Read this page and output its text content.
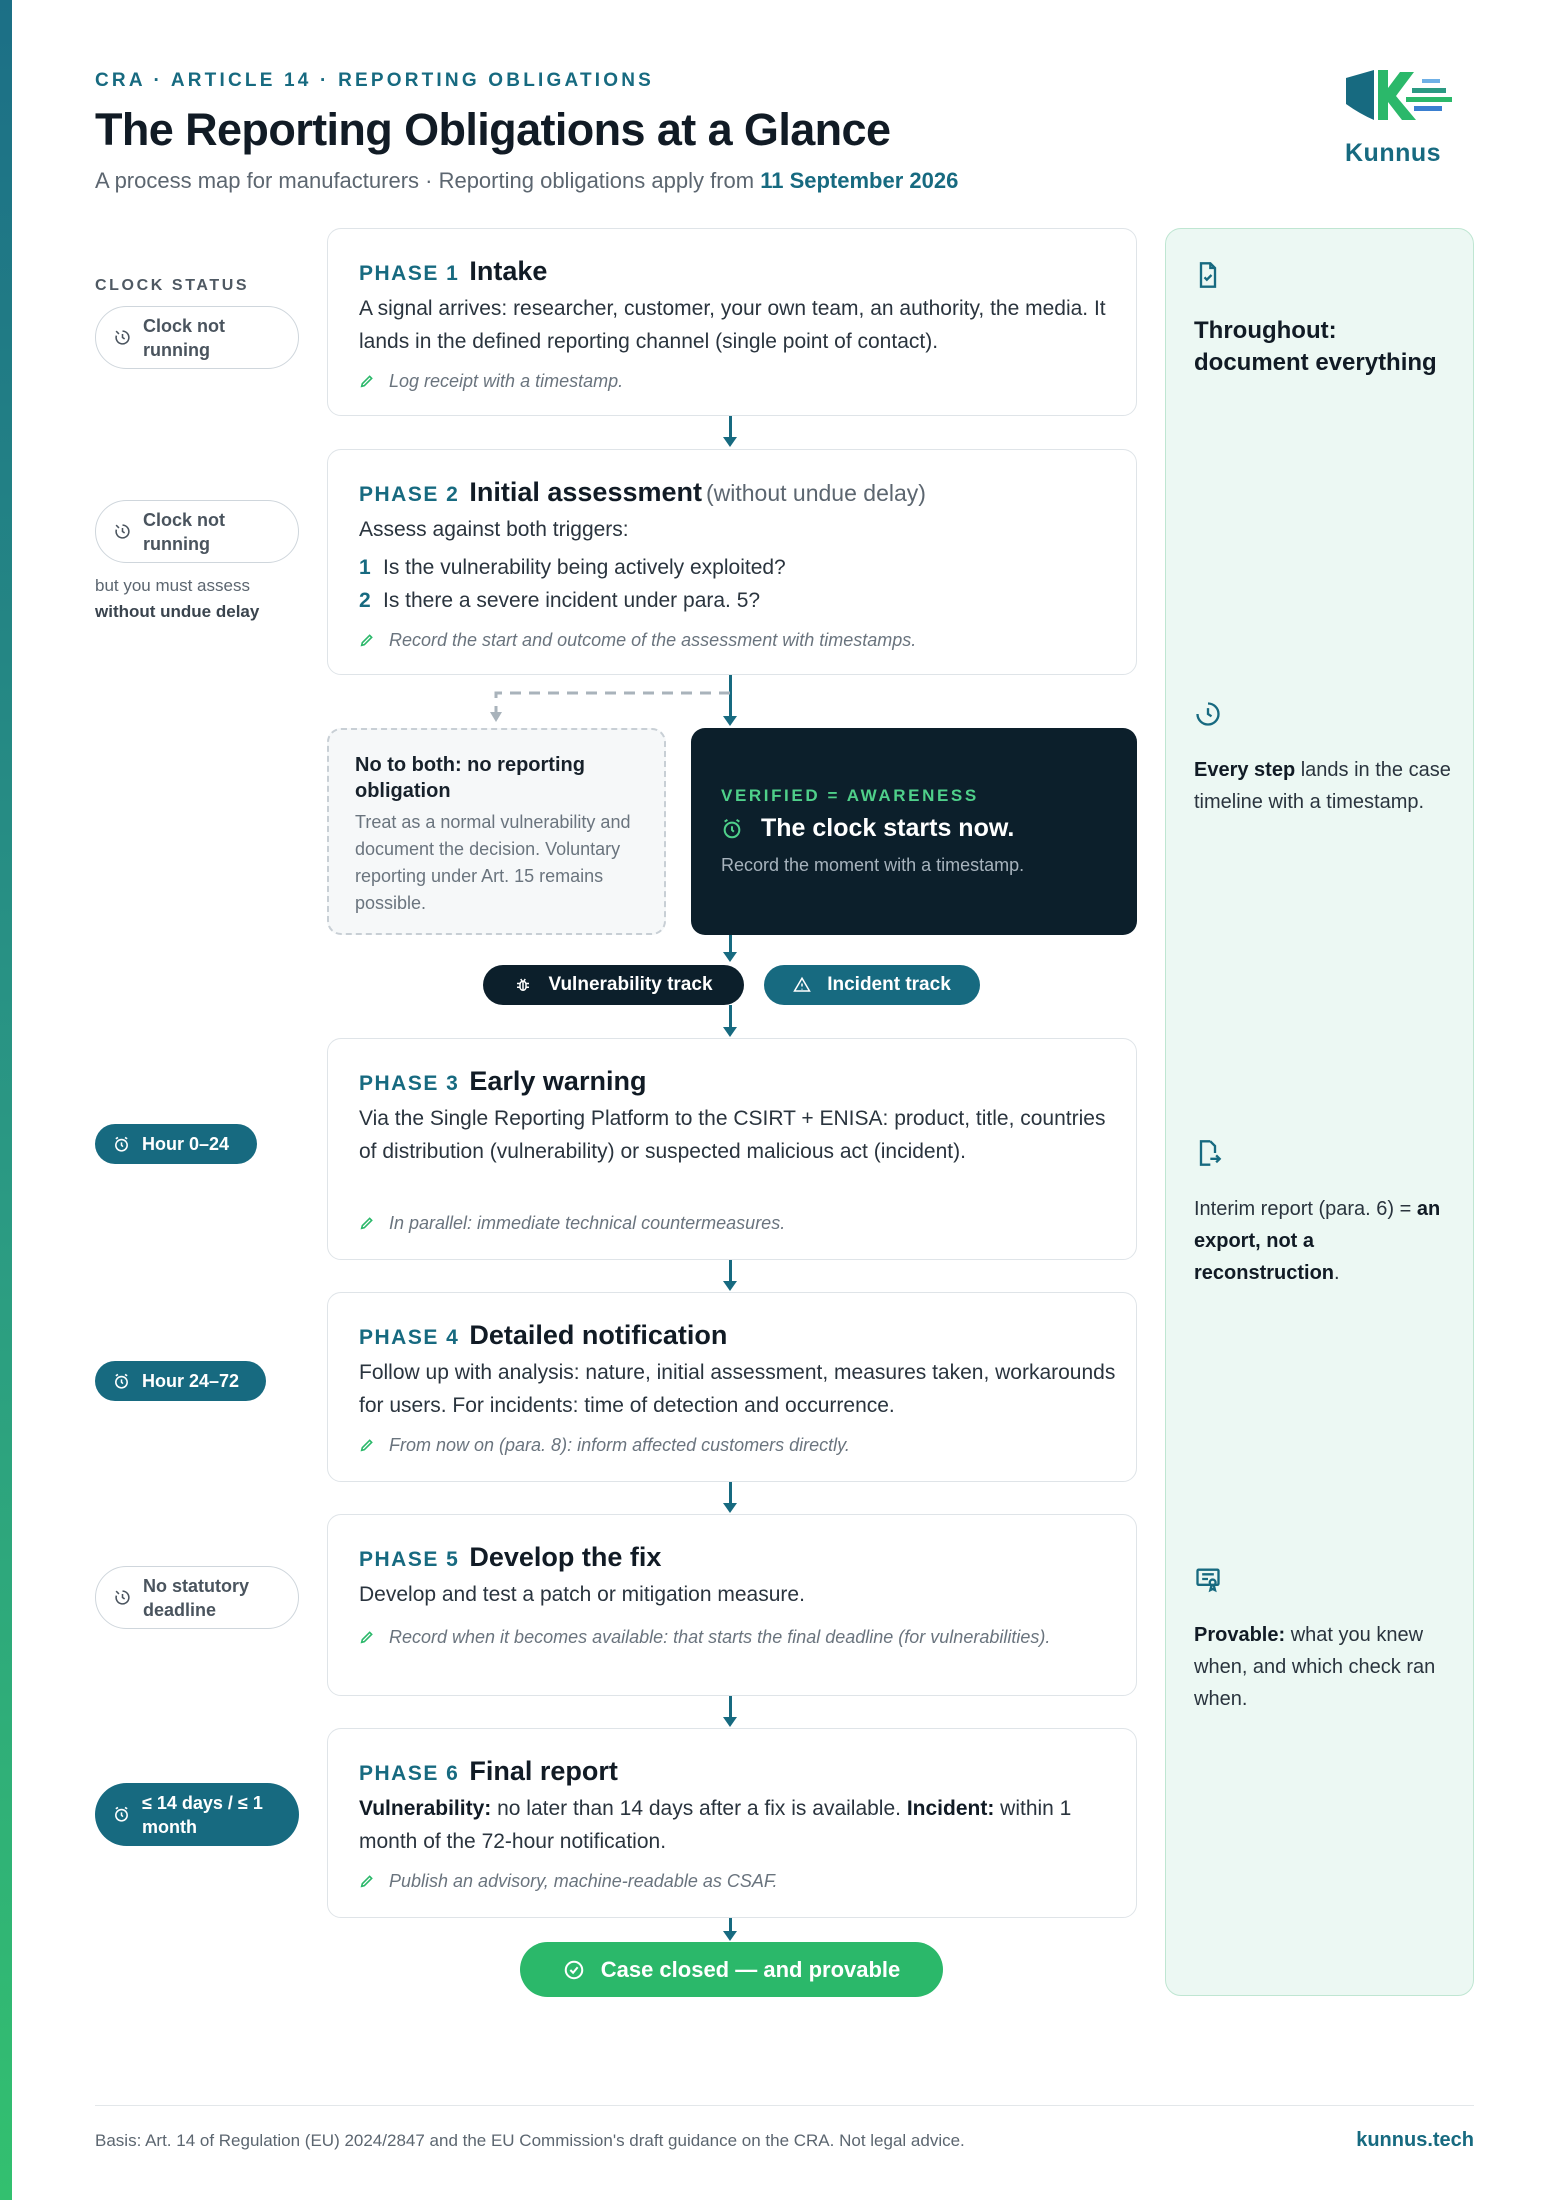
CRA · ARTICLE 14 · REPORTING OBLIGATIONS
The Reporting Obligations at a Glance
A process map for manufacturers · Reporting obligations apply from 11 September 2026
Kunnus
CLOCK STATUS
Clock not running
Clock not running
but you must assess
without undue delay
Hour 0–24
Hour 24–72
No statutory deadline
≤ 14 days / ≤ 1 month
PHASE 1 Intake
A signal arrives: researcher, customer, your own team, an authority, the media. It lands in the defined reporting channel (single point of contact).
Log receipt with a timestamp.
PHASE 2 Initial assessment (without undue delay)
Assess against both triggers:
1 Is the vulnerability being actively exploited?
2 Is there a severe incident under para. 5?
Record the start and outcome of the assessment with timestamps.
No to both: no reporting obligation
Treat as a normal vulnerability and document the decision. Voluntary reporting under Art. 15 remains possible.
VERIFIED = AWARENESS
The clock starts now.
Record the moment with a timestamp.
Vulnerability track	Incident track
PHASE 3 Early warning
Via the Single Reporting Platform to the CSIRT + ENISA: product, title, countries of distribution (vulnerability) or suspected malicious act (incident).
In parallel: immediate technical countermeasures.
PHASE 4 Detailed notification
Follow up with analysis: nature, initial assessment, measures taken, workarounds for users. For incidents: time of detection and occurrence.
From now on (para. 8): inform affected customers directly.
PHASE 5 Develop the fix
Develop and test a patch or mitigation measure.
Record when it becomes available: that starts the final deadline (for vulnerabilities).
PHASE 6 Final report
Vulnerability: no later than 14 days after a fix is available. Incident: within 1 month of the 72-hour notification.
Publish an advisory, machine-readable as CSAF.
Case closed — and provable
Throughout: document everything
Every step lands in the case timeline with a timestamp.
Interim report (para. 6) = an export, not a reconstruction.
Provable: what you knew when, and which check ran when.
Basis: Art. 14 of Regulation (EU) 2024/2847 and the EU Commission's draft guidance on the CRA. Not legal advice.	kunnus.tech
